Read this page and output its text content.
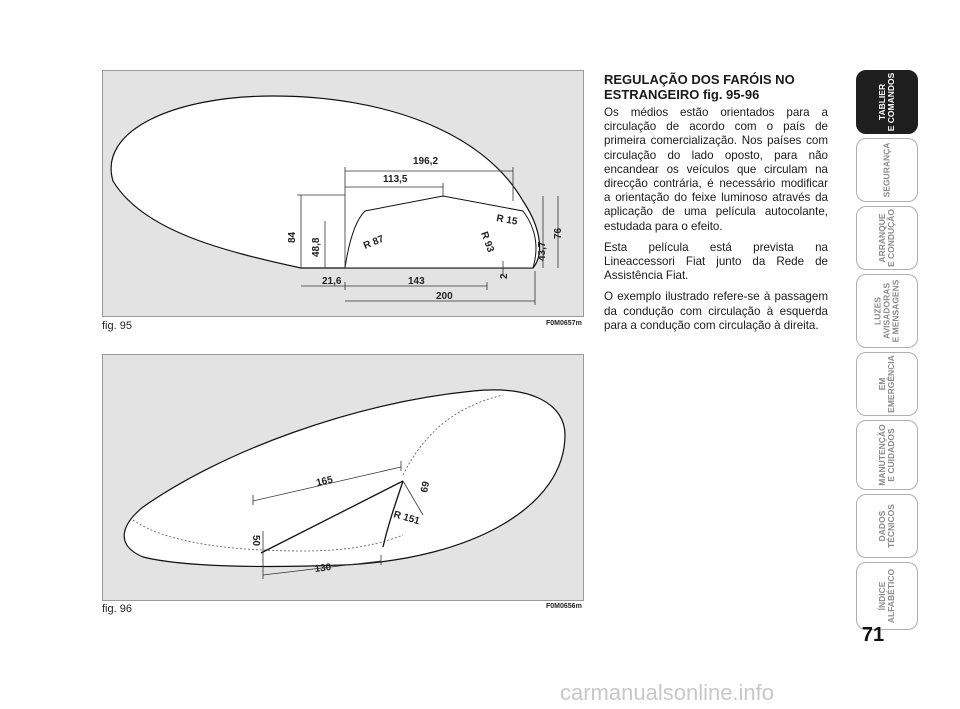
196,2
113,5
84
48,8	R 87
R 15
R 93	43,7
76
2
21,6	143
200
fig. 95	F0M0657m
165	69
R 151
50
130
fig. 96	F0M0656m
REGULAÇÃO DOS FARÓIS NO ESTRANGEIRO fig. 95-96

Os médios estão orientados para a circulação de acordo com o país de primeira comercialização. Nos países com circulação do lado oposto, para não encandear os veículos que circulam na direcção contrária, é necessário modificar a orientação do feixe luminoso através da aplicação de uma película autocolante, estudada para o efeito.

Esta película está prevista na Lineaccessori Fiat junto da Rede de Assistência Fiat.

O exemplo ilustrado refere-se à passagem da condução com circulação à esquerda para a condução com circulação à direita.

TABLIER
E COMANDOS
SEGURANÇA
ARRANQUE
E CONDUÇÃO
LUZES
AVISADORAS
E MENSAGENS
EM
EMERGÊNCIA
MANUTENÇÃO
E CUIDADOS
DADOS
TÉCNICOS
ÍNDICE
ALFABÉTICO
71
carmanualsonline.info
